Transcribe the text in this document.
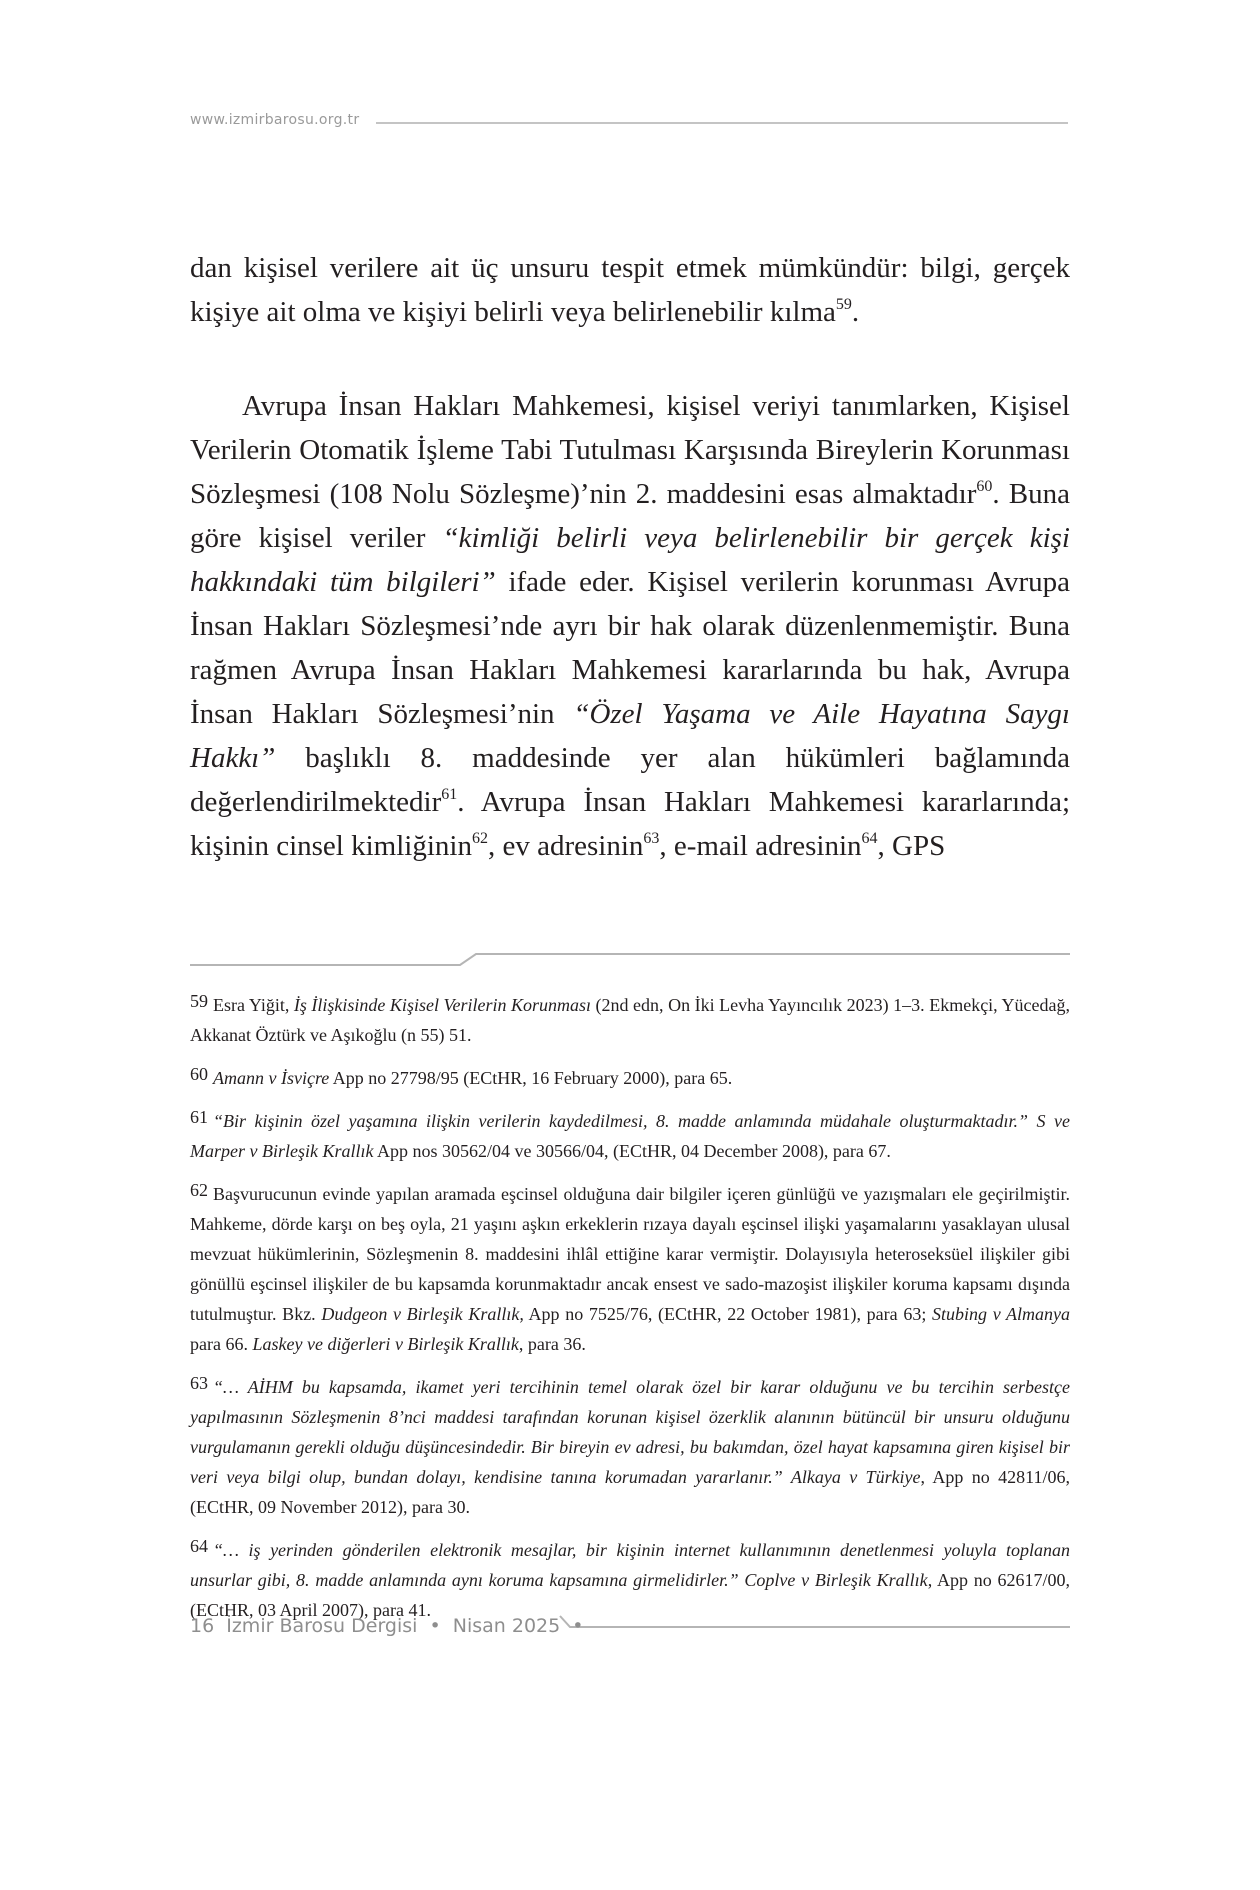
www.izmirbarosu.org.tr

dan kişisel verilere ait üç unsuru tespit etmek mümkündür: bilgi, gerçek kişiye ait olma ve kişiyi belirli veya belirlenebilir kılma$^{59}$.

Avrupa İnsan Hakları Mahkemesi, kişisel veriyi tanımlarken, Kişisel Verilerin Otomatik İşleme Tabi Tutulması Karşısında Bireylerin Korunması Sözleşmesi (108 Nolu Sözleşme)’nin 2. maddesini esas almaktadır$^{60}$. Buna göre kişisel veriler “kimliği belirli veya belirlenebilir bir gerçek kişi hakkındaki tüm bilgileri” ifade eder. Kişisel verilerin korunması Avrupa İnsan Hakları Sözleşmesi’nde ayrı bir hak olarak düzenlenmemiştir. Buna rağmen Avrupa İnsan Hakları Mahkemesi kararlarında bu hak, Avrupa İnsan Hakları Sözleşmesi’nin “Özel Yaşama ve Aile Hayatına Saygı Hakkı” başlıklı 8. maddesinde yer alan hükümleri bağlamında değerlendirilmektedir$^{61}$. Avrupa İnsan Hakları Mahkemesi kararlarında; kişinin cinsel kimliğinin$^{62}$, ev adresinin$^{63}$, e-mail adresinin$^{64}$, GPS

59 Esra Yiğit, İş İlişkisinde Kişisel Verilerin Korunması (2nd edn, On İki Levha Yayıncılık 2023) 1–3. Ekmekçi, Yücedağ, Akkanat Öztürk ve Aşıkoğlu (n 55) 51.

60 Amann v İsviçre App no 27798/95 (ECtHR, 16 February 2000), para 65.

61 “Bir kişinin özel yaşamına ilişkin verilerin kaydedilmesi, 8. madde anlamında müdahale oluşturmaktadır.” S ve Marper v Birleşik Krallık App nos 30562/04 ve 30566/04, (ECtHR, 04 December 2008), para 67.

62 Başvurucunun evinde yapılan aramada eşcinsel olduğuna dair bilgiler içeren günlüğü ve yazışmaları ele geçirilmiştir. Mahkeme, dörde karşı on beş oyla, 21 yaşını aşkın erkeklerin rızaya dayalı eşcinsel ilişki yaşamalarını yasaklayan ulusal mevzuat hükümlerinin, Sözleşmenin 8. maddesini ihlâl ettiğine karar vermiştir. Dolayısıyla heteroseksüel ilişkiler gibi gönüllü eşcinsel ilişkiler de bu kapsamda korunmaktadır ancak ensest ve sado-mazoşist ilişkiler koruma kapsamı dışında tutulmuştur. Bkz. Dudgeon v Birleşik Krallık, App no 7525/76, (ECtHR, 22 October 1981), para 63; Stubing v Almanya para 66. Laskey ve diğerleri v Birleşik Krallık, para 36.

63 “… AİHM bu kapsamda, ikamet yeri tercihinin temel olarak özel bir karar olduğunu ve bu tercihin serbestçe yapılmasının Sözleşmenin 8’nci maddesi tarafından korunan kişisel özerklik alanının bütüncül bir unsuru olduğunu vurgulamanın gerekli olduğu düşüncesindedir. Bir bireyin ev adresi, bu bakımdan, özel hayat kapsamına giren kişisel bir veri veya bilgi olup, bundan dolayı, kendisine tanına korumadan yararlanır.” Alkaya v Türkiye, App no 42811/06, (ECtHR, 09 November 2012), para 30.

64 “… iş yerinden gönderilen elektronik mesajlar, bir kişinin internet kullanımının denetlenmesi yoluyla toplanan unsurlar gibi, 8. madde anlamında aynı koruma kapsamına girmelidirler.” Coplve v Birleşik Krallık, App no 62617/00, (ECtHR, 03 April 2007), para 41.

16 İzmir Barosu Dergisi • Nisan 2025 •
